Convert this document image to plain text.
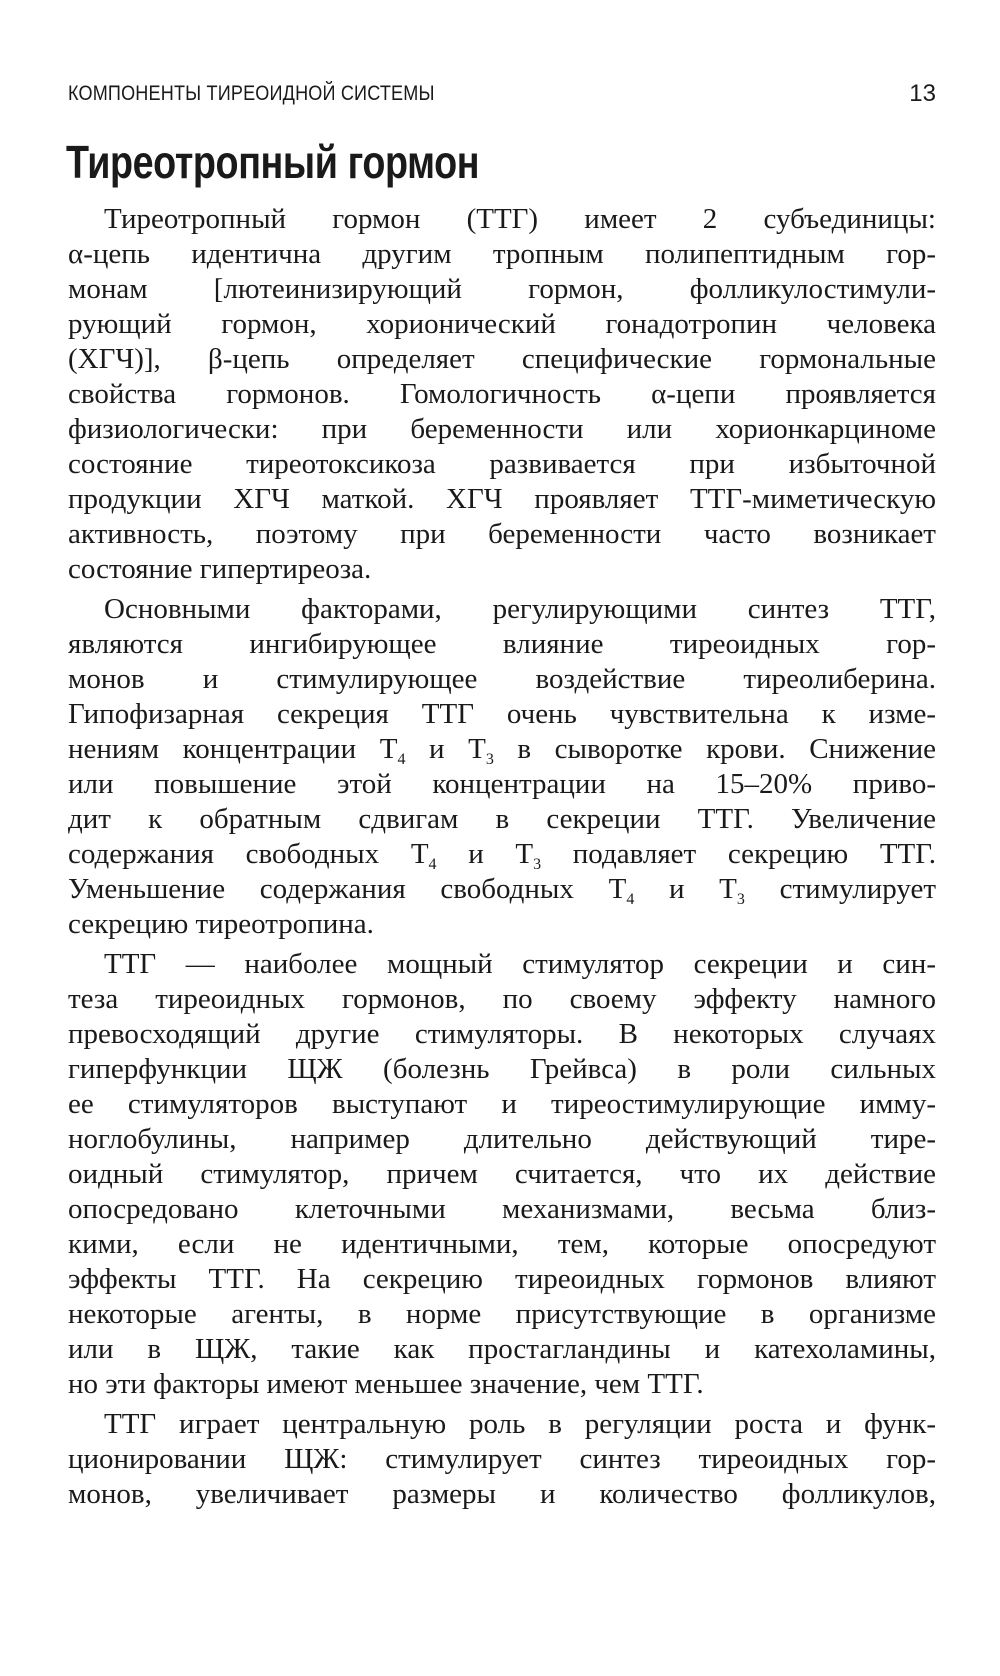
КОМПОНЕНТЫ ТИРЕОИДНОЙ СИСТЕМЫ	13
Тиреотропный гормон
Тиреотропный гормон (ТТГ) имеет 2 субъединицы:
α-цепь идентична другим тропным полипептидным гор-
монам [лютеинизирующий гормон, фолликулостимули-
рующий гормон, хорионический гонадотропин человека
(ХГЧ)], β-цепь определяет специфические гормональные
свойства гормонов. Гомологичность α-цепи проявляется
физиологически: при беременности или хорионкарциноме
состояние тиреотоксикоза развивается при избыточной
продукции ХГЧ маткой. ХГЧ проявляет ТТГ-миметическую
активность, поэтому при беременности часто возникает
состояние гипертиреоза.
Основными факторами, регулирующими синтез ТТГ,
являются ингибирующее влияние тиреоидных гор-
монов и стимулирующее воздействие тиреолиберина.
Гипофизарная секреция ТТГ очень чувствительна к изме-
нениям концентрации $Т_4$ и $Т_3$ в сыворотке крови. Снижение
или повышение этой концентрации на 15–20% приво-
дит к обратным сдвигам в секреции ТТГ. Увеличение
содержания свободных $Т_4$ и $Т_3$ подавляет секрецию ТТГ.
Уменьшение содержания свободных $Т_4$ и $Т_3$ стимулирует
секрецию тиреотропина.
ТТГ — наиболее мощный стимулятор секреции и син-
теза тиреоидных гормонов, по своему эффекту намного
превосходящий другие стимуляторы. В некоторых случаях
гиперфункции ЩЖ (болезнь Грейвса) в роли сильных
ее стимуляторов выступают и тиреостимулирующие имму-
ноглобулины, например длительно действующий тире-
оидный стимулятор, причем считается, что их действие
опосредовано клеточными механизмами, весьма близ-
кими, если не идентичными, тем, которые опосредуют
эффекты ТТГ. На секрецию тиреоидных гормонов влияют
некоторые агенты, в норме присутствующие в организме
или в ЩЖ, такие как простагландины и катехоламины,
но эти факторы имеют меньшее значение, чем ТТГ.
ТТГ играет центральную роль в регуляции роста и функ-
ционировании ЩЖ: стимулирует синтез тиреоидных гор-
монов, увеличивает размеры и количество фолликулов,
